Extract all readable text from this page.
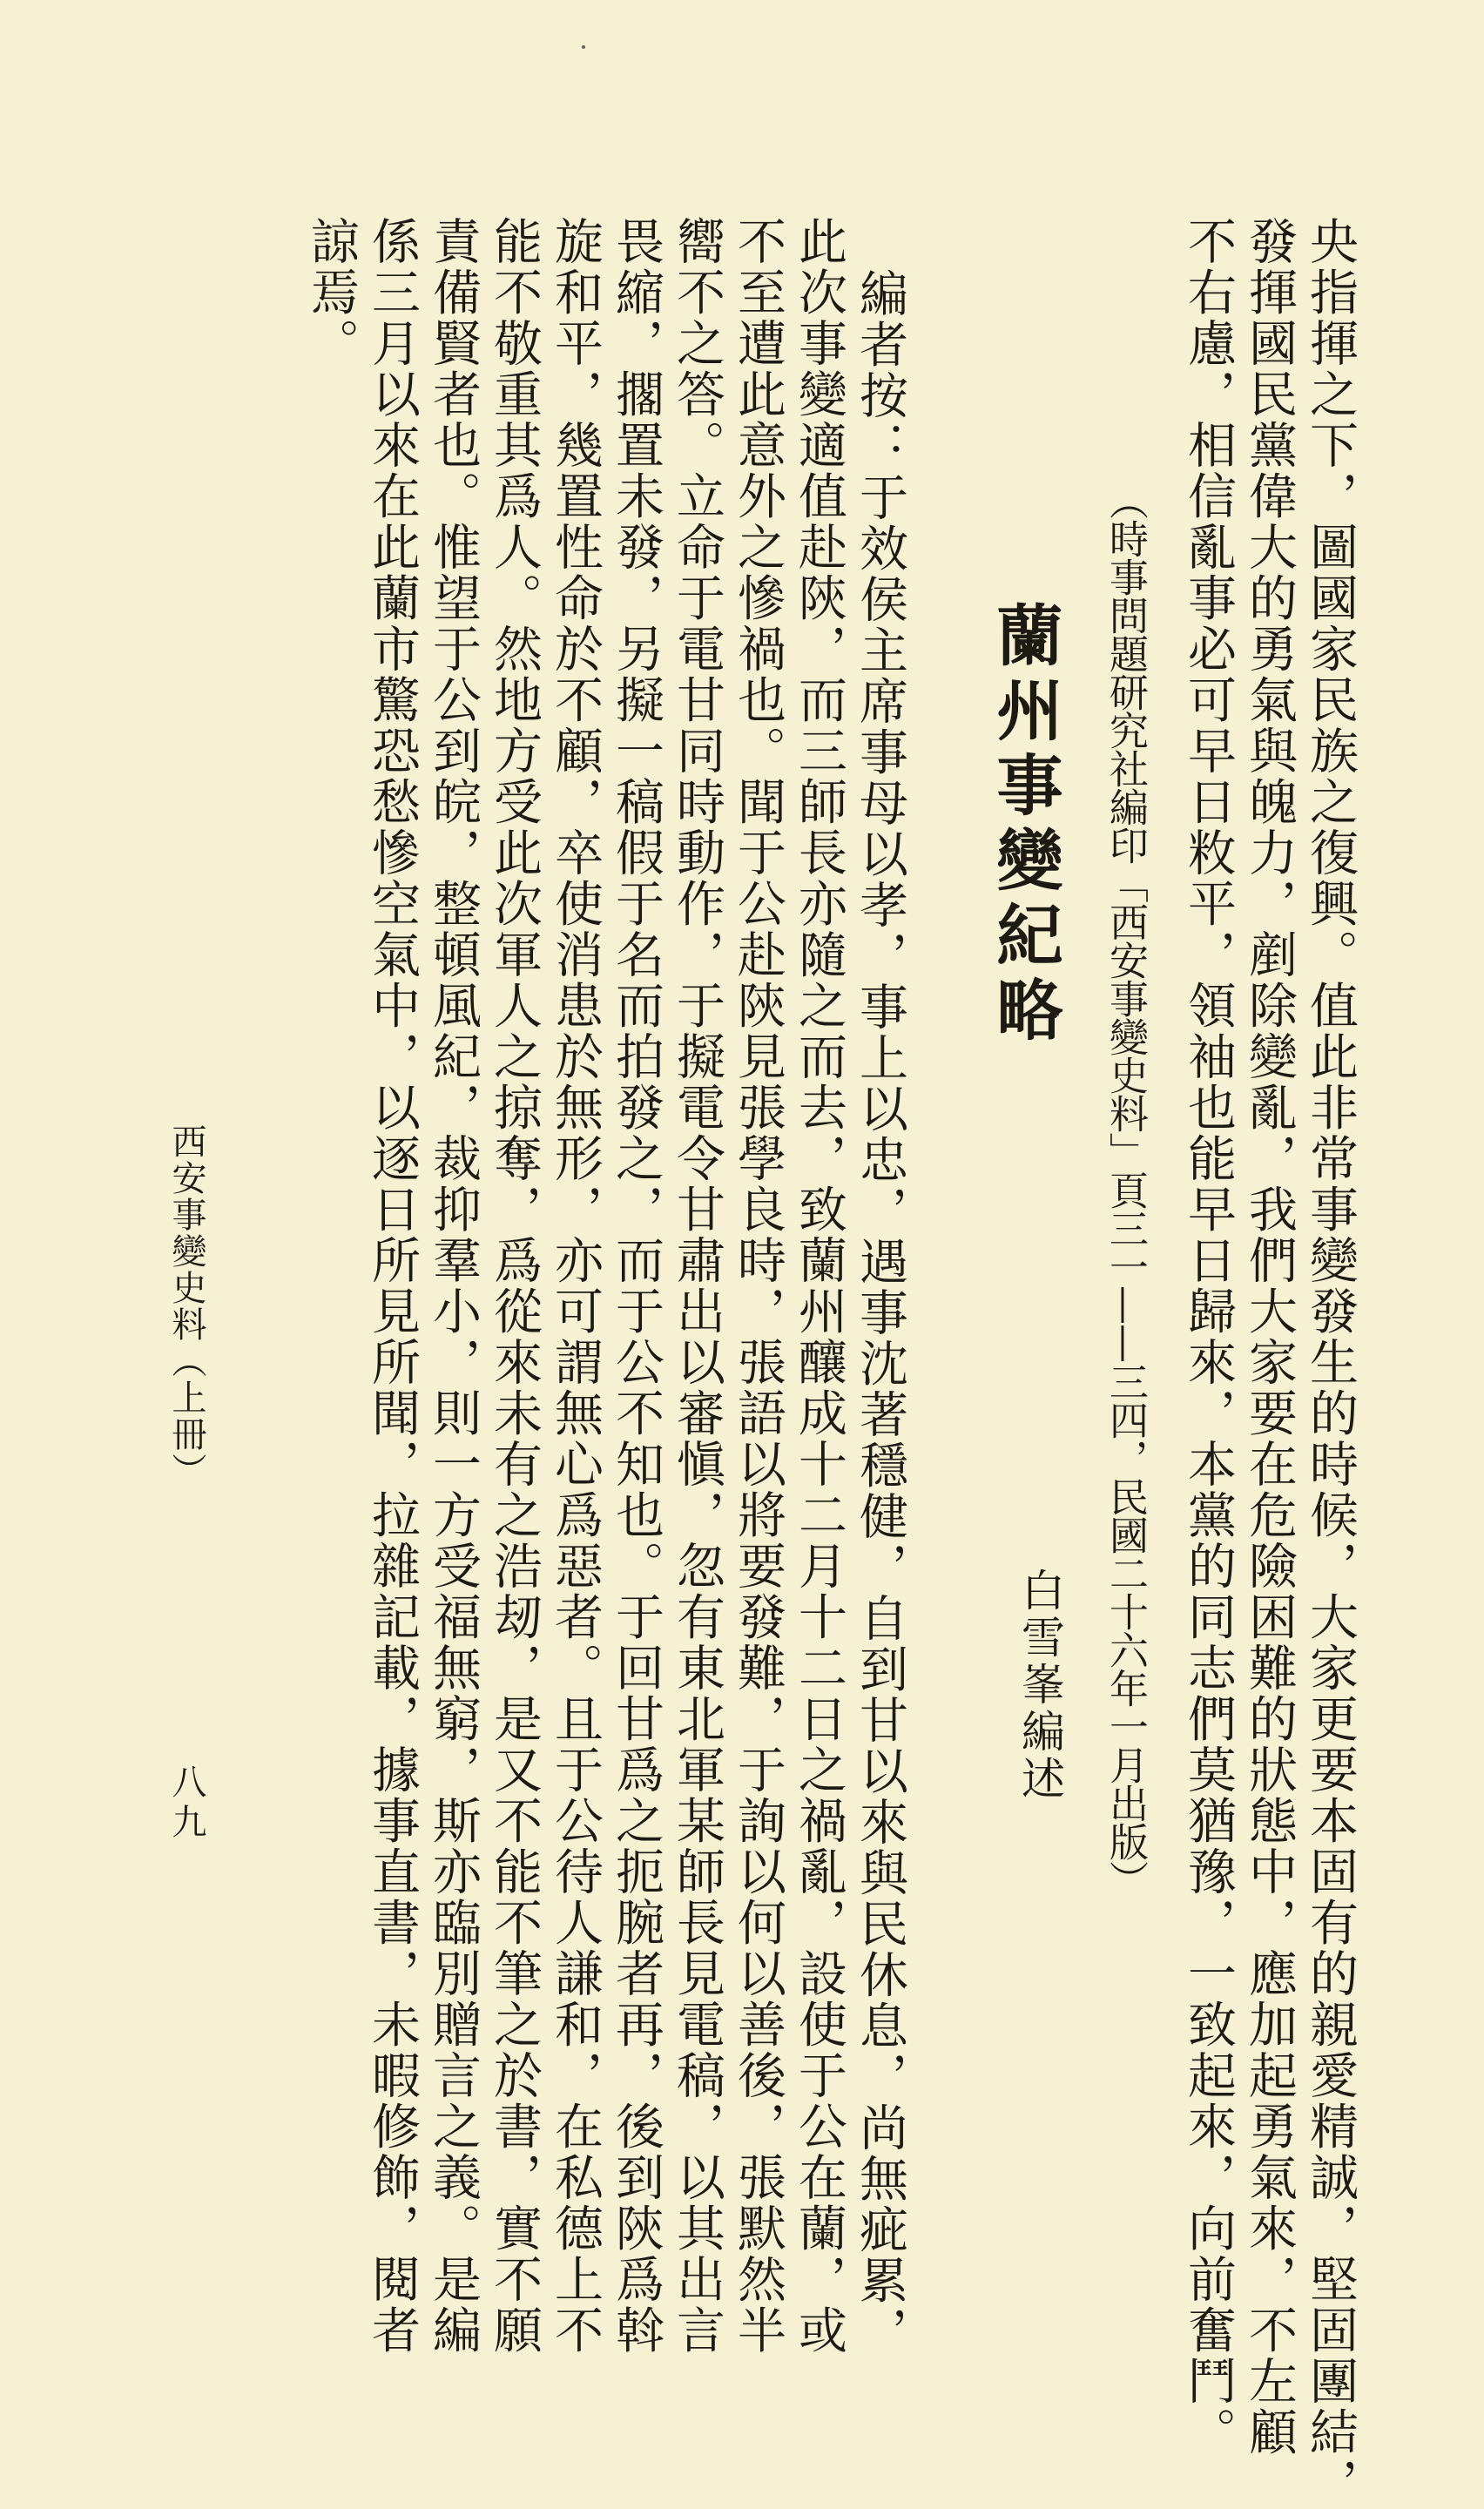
央指揮之下，圖國家民族之復興。值此非常事變發生的時候，大家更要本固有的親愛精誠，堅固團結，
發揮國民黨偉大的勇氣與魄力，剷除變亂，我們大家要在危險困難的狀態中，應加起勇氣來，不左顧
不右慮，相信亂事必可早日敉平，領袖也能早日歸來，本黨的同志們莫猶豫，一致起來，向前奮鬥。
（時事問題研究社編印「西安事變史料」頁三一——三四，民國二十六年一月出版）
蘭州事變紀略
白雪峯編述
編者按：于效侯主席事母以孝，事上以忠，遇事沈著穩健，自到甘以來與民休息，尚無疵累，
此次事變適值赴陝，而三師長亦隨之而去，致蘭州釀成十二月十二日之禍亂，設使于公在蘭，或
不至遭此意外之慘禍也。聞于公赴陝見張學良時，張語以將要發難，于詢以何以善後，張默然半
嚮不之答。立命于電甘同時動作，于擬電令甘肅出以審愼，忽有東北軍某師長見電稿，以其出言
畏縮，擱置未發，另擬一稿假于名而拍發之，而于公不知也。于回甘爲之扼腕者再，後到陝爲斡
旋和平，幾置性命於不顧，卒使消患於無形，亦可謂無心爲惡者。且于公待人謙和，在私德上不
能不敬重其爲人。然地方受此次軍人之掠奪，爲從來未有之浩刼，是又不能不筆之於書，實不願
責備賢者也。惟望于公到皖，整頓風紀，裁抑羣小，則一方受福無窮，斯亦臨別贈言之義。是編
係三月以來在此蘭市驚恐愁慘空氣中，以逐日所見所聞，拉雜記載，據事直書，未暇修飾，閱者
諒焉。
西安事變史料（上冊）
八九
